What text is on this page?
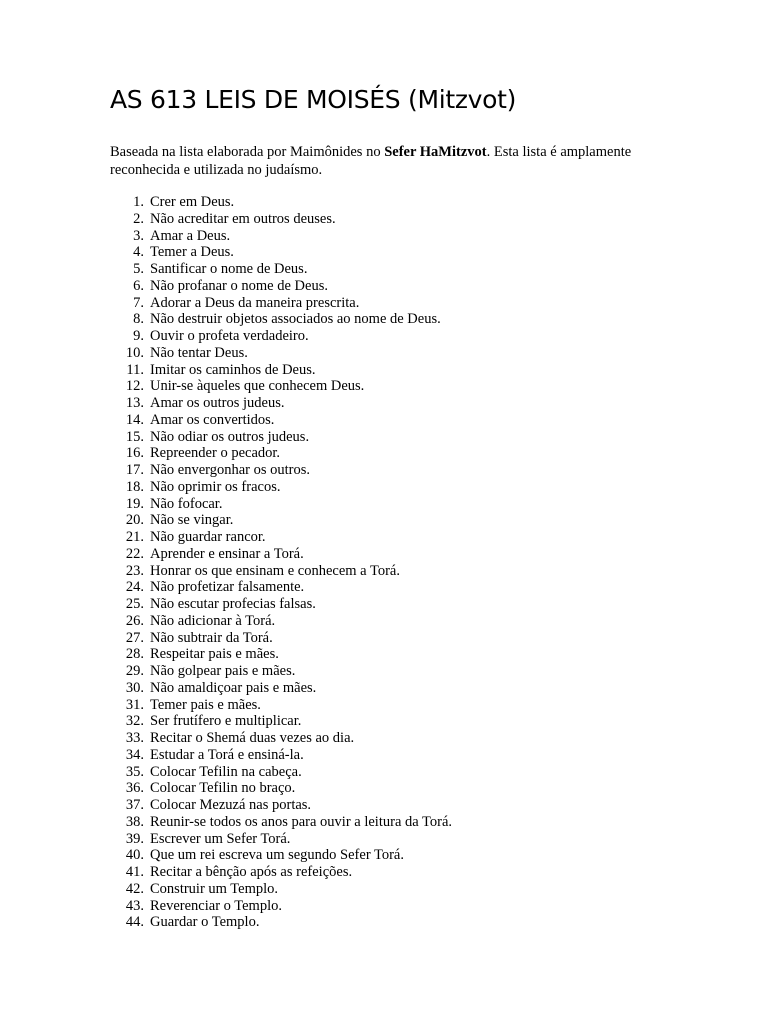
AS 613 LEIS DE MOISÉS (Mitzvot)

Baseada na lista elaborada por Maimônides no Sefer HaMitzvot. Esta lista é amplamente reconhecida e utilizada no judaísmo.

1. Crer em Deus.
2. Não acreditar em outros deuses.
3. Amar a Deus.
4. Temer a Deus.
5. Santificar o nome de Deus.
6. Não profanar o nome de Deus.
7. Adorar a Deus da maneira prescrita.
8. Não destruir objetos associados ao nome de Deus.
9. Ouvir o profeta verdadeiro.
10. Não tentar Deus.
11. Imitar os caminhos de Deus.
12. Unir-se àqueles que conhecem Deus.
13. Amar os outros judeus.
14. Amar os convertidos.
15. Não odiar os outros judeus.
16. Repreender o pecador.
17. Não envergonhar os outros.
18. Não oprimir os fracos.
19. Não fofocar.
20. Não se vingar.
21. Não guardar rancor.
22. Aprender e ensinar a Torá.
23. Honrar os que ensinam e conhecem a Torá.
24. Não profetizar falsamente.
25. Não escutar profecias falsas.
26. Não adicionar à Torá.
27. Não subtrair da Torá.
28. Respeitar pais e mães.
29. Não golpear pais e mães.
30. Não amaldiçoar pais e mães.
31. Temer pais e mães.
32. Ser frutífero e multiplicar.
33. Recitar o Shemá duas vezes ao dia.
34. Estudar a Torá e ensiná-la.
35. Colocar Tefilin na cabeça.
36. Colocar Tefilin no braço.
37. Colocar Mezuzá nas portas.
38. Reunir-se todos os anos para ouvir a leitura da Torá.
39. Escrever um Sefer Torá.
40. Que um rei escreva um segundo Sefer Torá.
41. Recitar a bênção após as refeições.
42. Construir um Templo.
43. Reverenciar o Templo.
44. Guardar o Templo.
